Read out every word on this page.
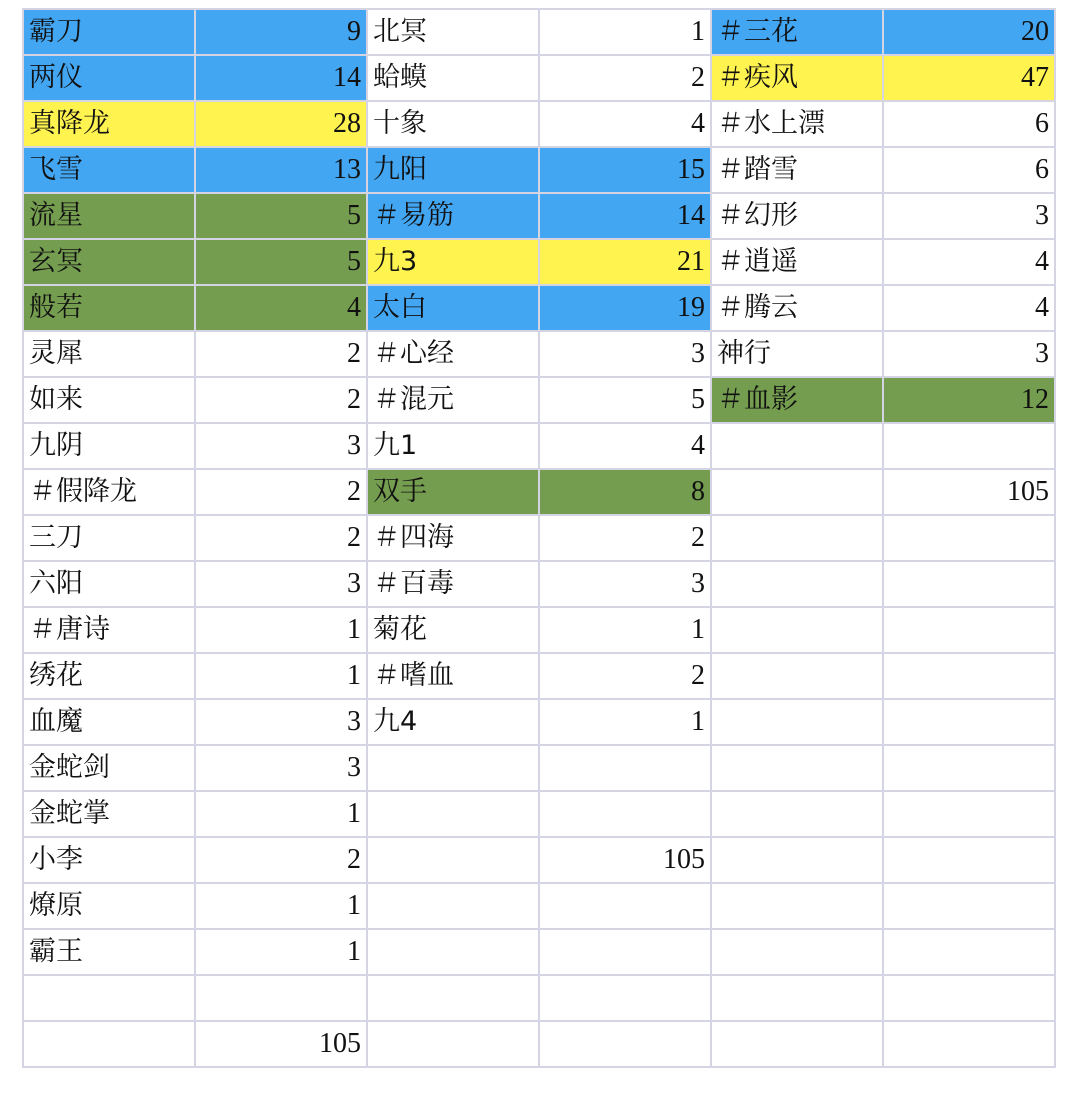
霸刀	9	北冥	1	＃三花	20
两仪	14	蛤蟆	2	＃疾风	47
真降龙	28	十象	4	＃水上漂	6
飞雪	13	九阳	15	＃踏雪	6
流星	5	＃易筋	14	＃幻形	3
玄冥	5	九3	21	＃逍遥	4
般若	4	太白	19	＃腾云	4
灵犀	2	＃心经	3	神行	3
如来	2	＃混元	5	＃血影	12
九阴	3	九1	4		
＃假降龙	2	双手	8		105
三刀	2	＃四海	2		
六阳	3	＃百毒	3		
＃唐诗	1	菊花	1		
绣花	1	＃嗜血	2		
血魔	3	九4	1		
金蛇剑	3				
金蛇掌	1				
小李	2		105		
燎原	1				
霸王	1				

	105				
